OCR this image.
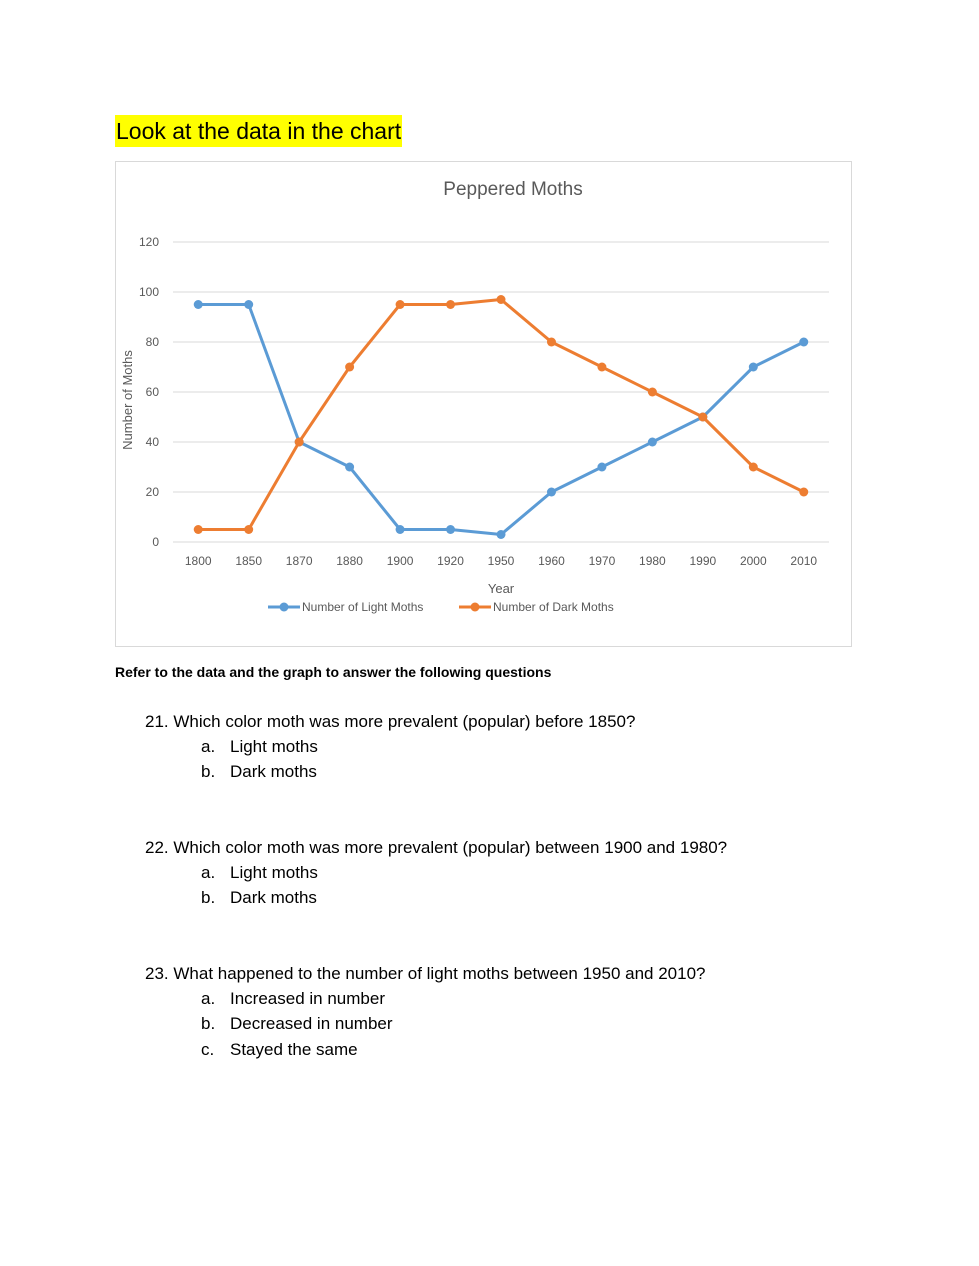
Look at the data in the chart
Peppered Moths
0
20
40
60
80
100
120
1800 1850 1870 1880 1900 1920 1950 1960 1970 1980 1990 2000 2010
Year
Number of Moths
Number of Light Moths	Number of Dark Moths
Refer to the data and the graph to answer the following questions
21. Which color moth was more prevalent (popular) before 1850?
a. Light moths
b. Dark moths
22. Which color moth was more prevalent (popular) between 1900 and 1980?
a. Light moths
b. Dark moths
23. What happened to the number of light moths between 1950 and 2010?
a. Increased in number
b. Decreased in number
c. Stayed the same
